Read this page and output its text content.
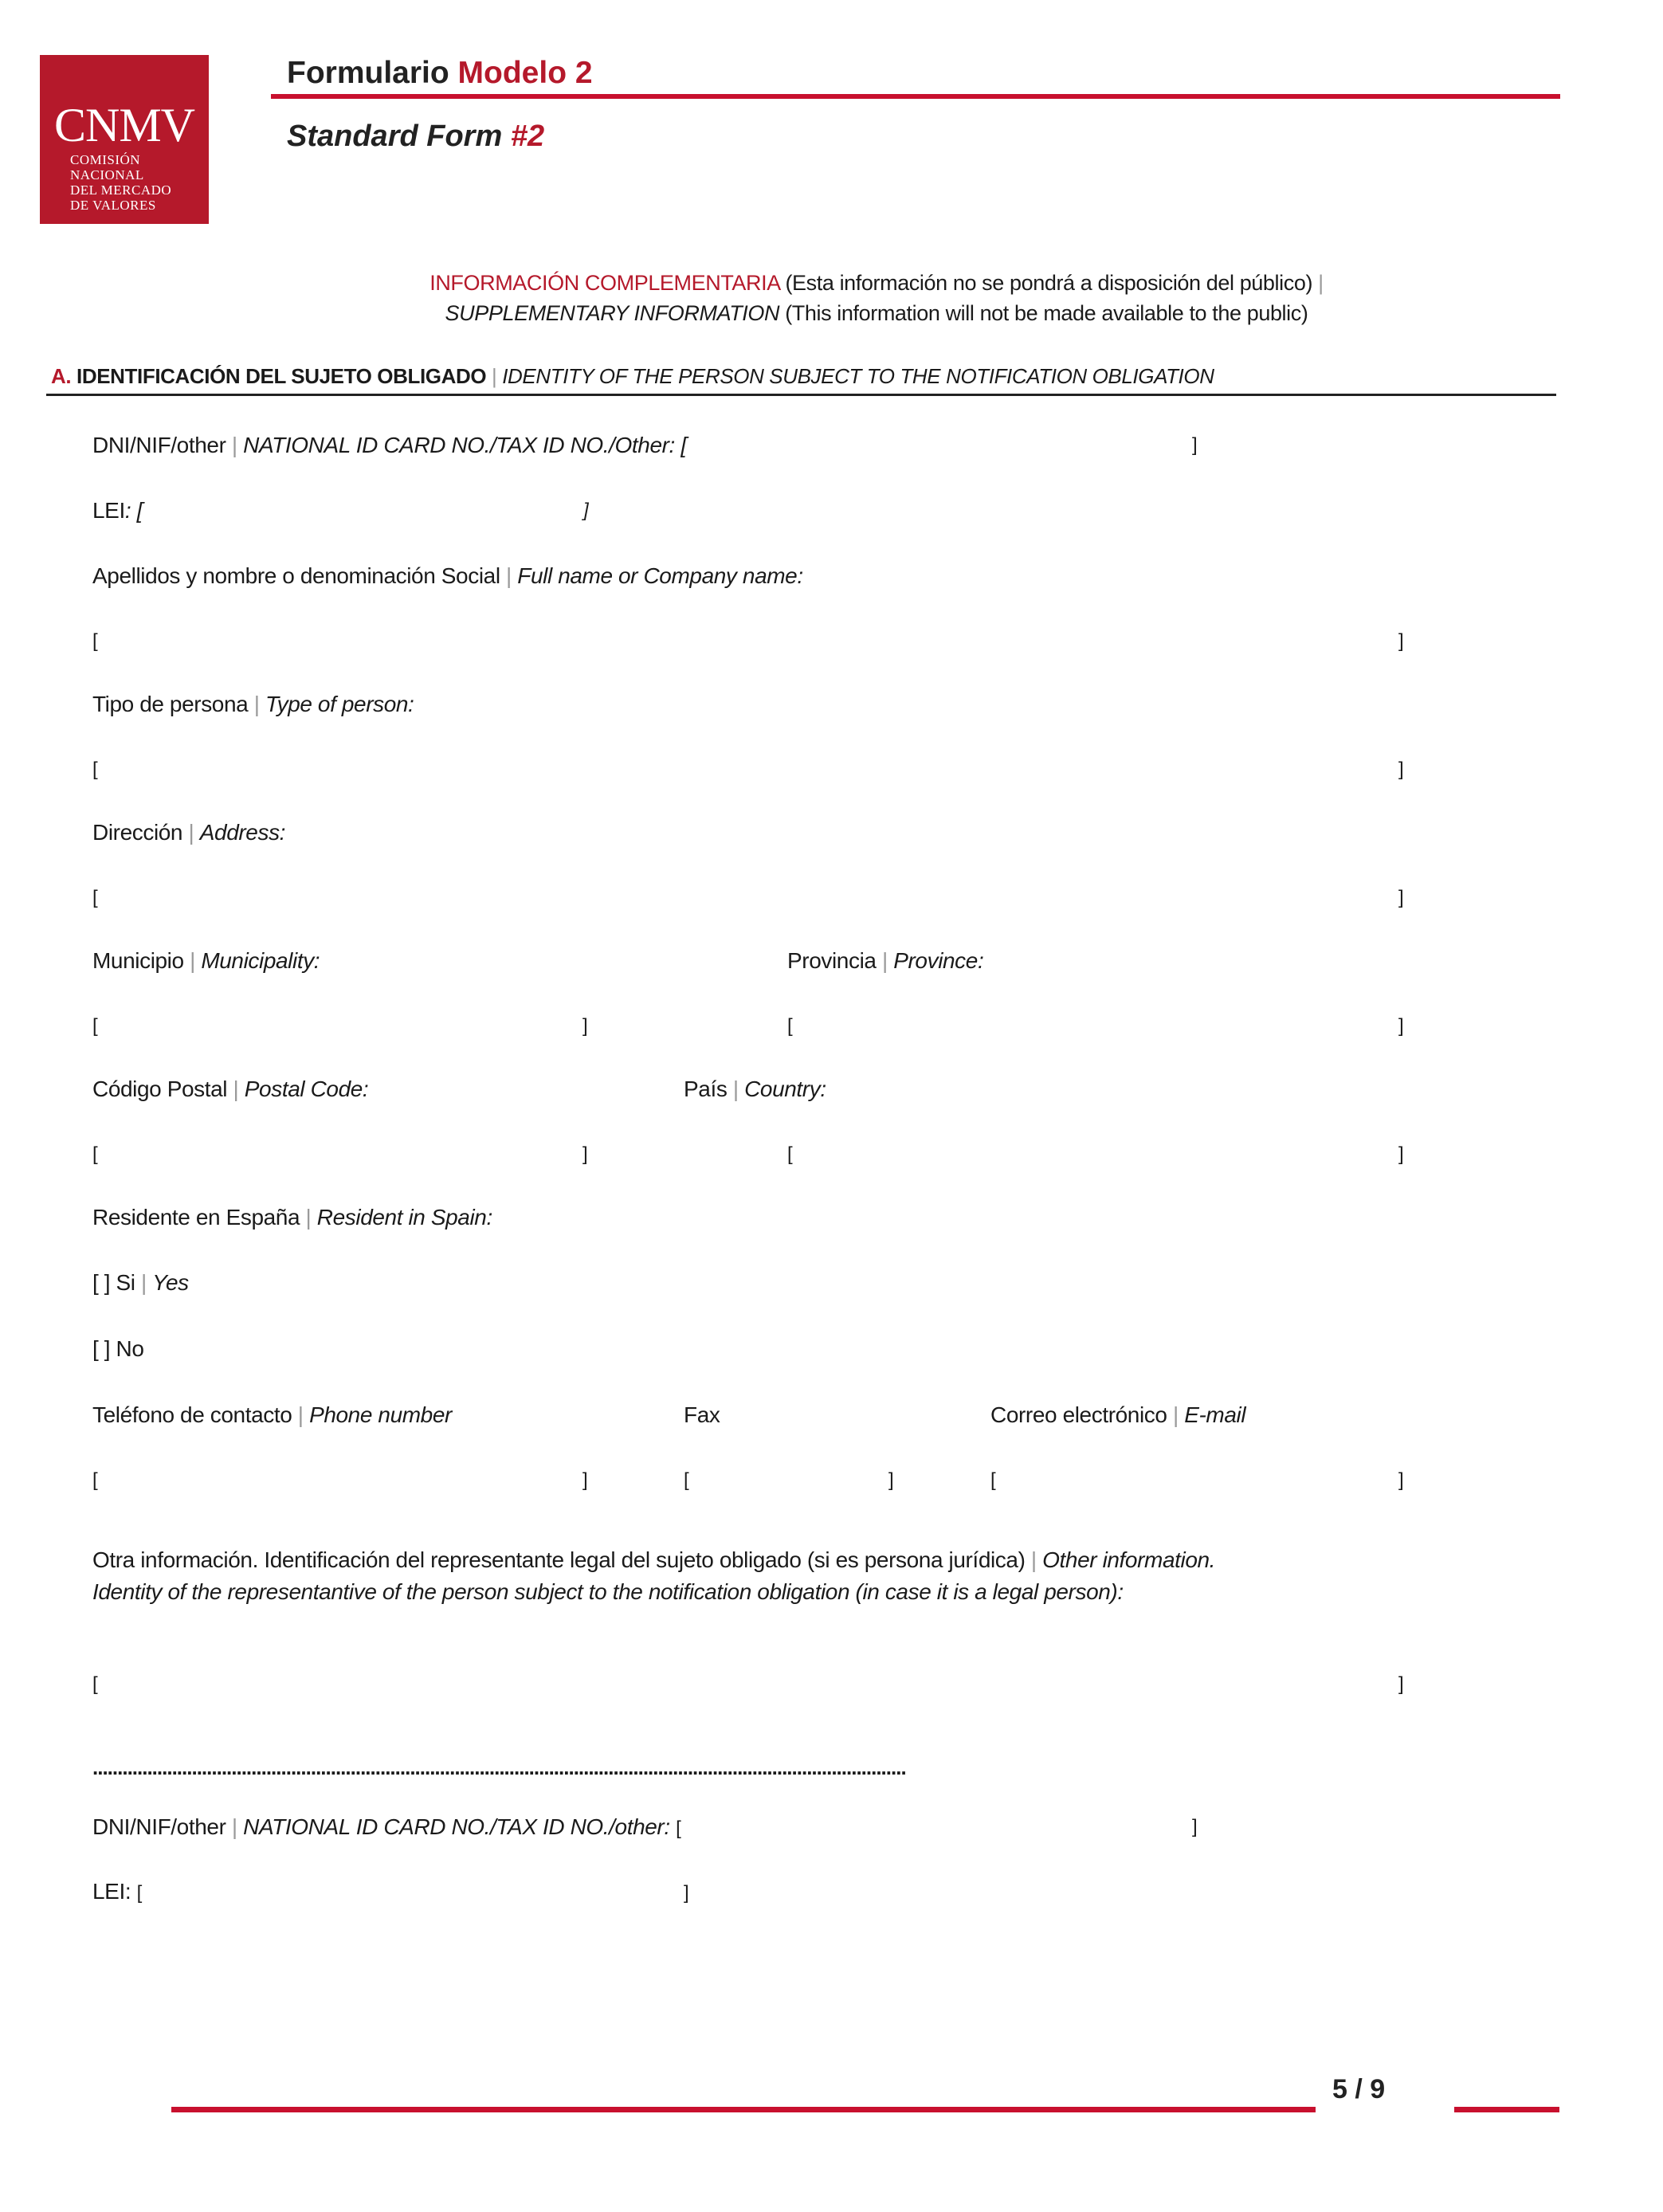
CNMV
COMISIÓN
NACIONAL
DEL MERCADO
DE VALORES
Formulario Modelo 2
Standard Form #2
INFORMACIÓN COMPLEMENTARIA (Esta información no se pondrá a disposición del público) |
SUPPLEMENTARY INFORMATION (This information will not be made available to the public)
A. IDENTIFICACIÓN DEL SUJETO OBLIGADO | IDENTITY OF THE PERSON SUBJECT TO THE NOTIFICATION OBLIGATION
DNI/NIF/other | NATIONAL ID CARD NO./TAX ID NO./Other: [	]
LEI: [	]
Apellidos y nombre o denominación Social | Full name or Company name:
[	]
Tipo de persona | Type of person:
[	]
Dirección | Address:
[	]
Municipio | Municipality:	Provincia | Province:
[	]	[	]
Código Postal | Postal Code:	País | Country:
[	]	[	]
Residente en España | Resident in Spain:
[ ] Si | Yes
[ ] No
Teléfono de contacto | Phone number	Fax	Correo electrónico | E-mail
[	]	[	]	[	]
Otra información. Identificación del representante legal del sujeto obligado (si es persona jurídica) | Other information. Identity of the representantive of the person subject to the notification obligation (in case it is a legal person):
[	]
....................................................................................................................................................................
DNI/NIF/other | NATIONAL ID CARD NO./TAX ID NO./other: [	]
LEI: [	]
5 / 9
